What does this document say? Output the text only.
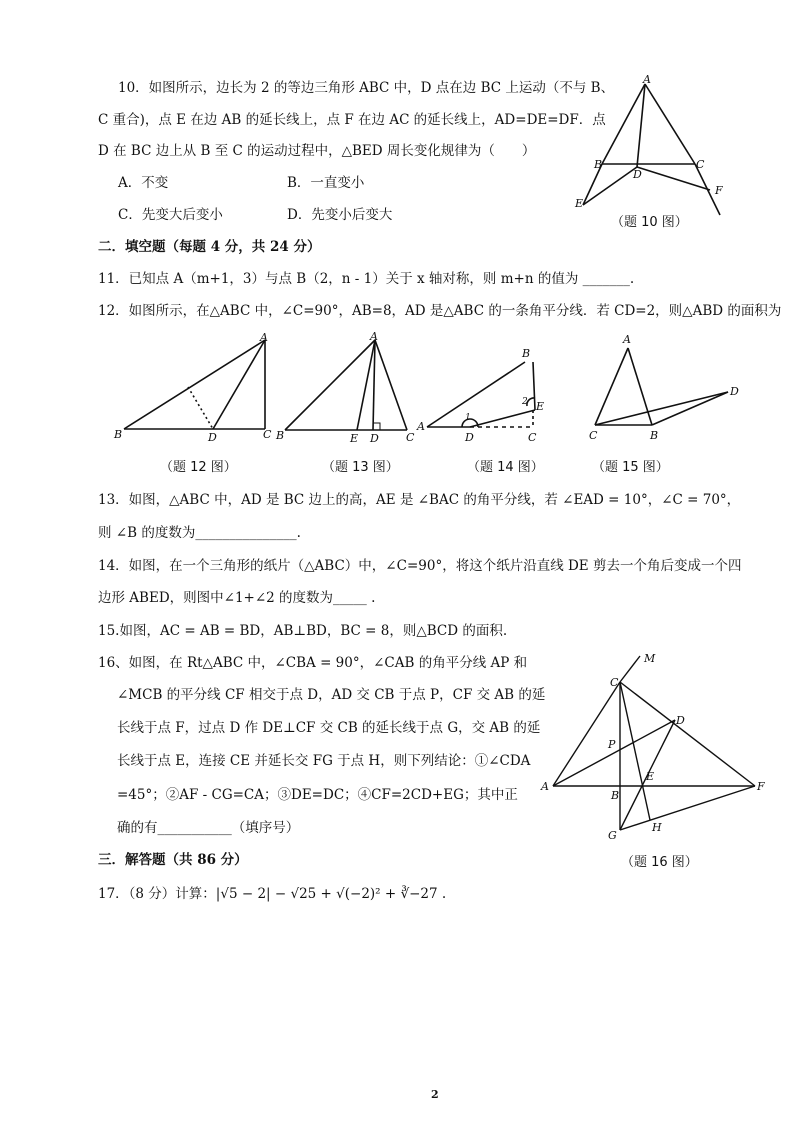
10．如图所示，边长为 2 的等边三角形 ABC 中，D 点在边 BC 上运动（不与 B、
C 重合)，点 E 在边 AB 的延长线上，点 F 在边 AC 的延长线上，AD=DE=DF．点
D 在 BC 边上从 B 至 C 的运动过程中，△BED 周长变化规律为（　　）
A．不变	B．一直变小
C．先变大后变小	D．先变小后变大
A
B	C
D
E
F
（题 10 图）
二．填空题（每题 4 分，共 24 分）
11．已知点 A（m+1，3）与点 B（2，n - 1）关于 x 轴对称，则 m+n 的值为 _______.
12．如图所示，在△ABC 中，∠C=90°，AB=8，AD 是△ABC 的一条角平分线．若 CD=2，则△ABD 的面积为
A
B	C
D
（题 12 图）
A
B	C
D
E
（题 13 图）
B
A
D	C
E
1
2
（题 14 图）
A
C	B
D
（题 15 图）
13．如图，△ABC 中，AD 是 BC 边上的高，AE 是 ∠BAC 的角平分线，若 ∠EAD = 10°，∠C = 70°，
则 ∠B 的度数为_______________.
14．如图，在一个三角形的纸片（△ABC）中，∠C=90°，将这个纸片沿直线 DE 剪去一个角后变成一个四
边形 ABED，则图中∠1+∠2 的度数为_____ .
15.如图，AC = AB = BD，AB⊥BD，BC = 8，则△BCD 的面积.
16、如图，在 Rt△ABC 中，∠CBA = 90°，∠CAB 的角平分线 AP 和
∠MCB 的平分线 CF 相交于点 D，AD 交 CB 于点 P，CF 交 AB 的延
长线于点 F，过点 D 作 DE⊥CF 交 CB 的延长线于点 G，交 AB 的延
长线于点 E，连接 CE 并延长交 FG 于点 H，则下列结论：①∠CDA
=45°；②AF - CG=CA；③DE=DC；④CF=2CD+EG；其中正
确的有___________（填序号）
M
C
D
P
A
E
F
B
G
H
（题 16 图）
三．解答题（共 86 分）
17．（8 分）计算：|√5 − 2| − √25 + √(−2)² + ∛−27 .
2
